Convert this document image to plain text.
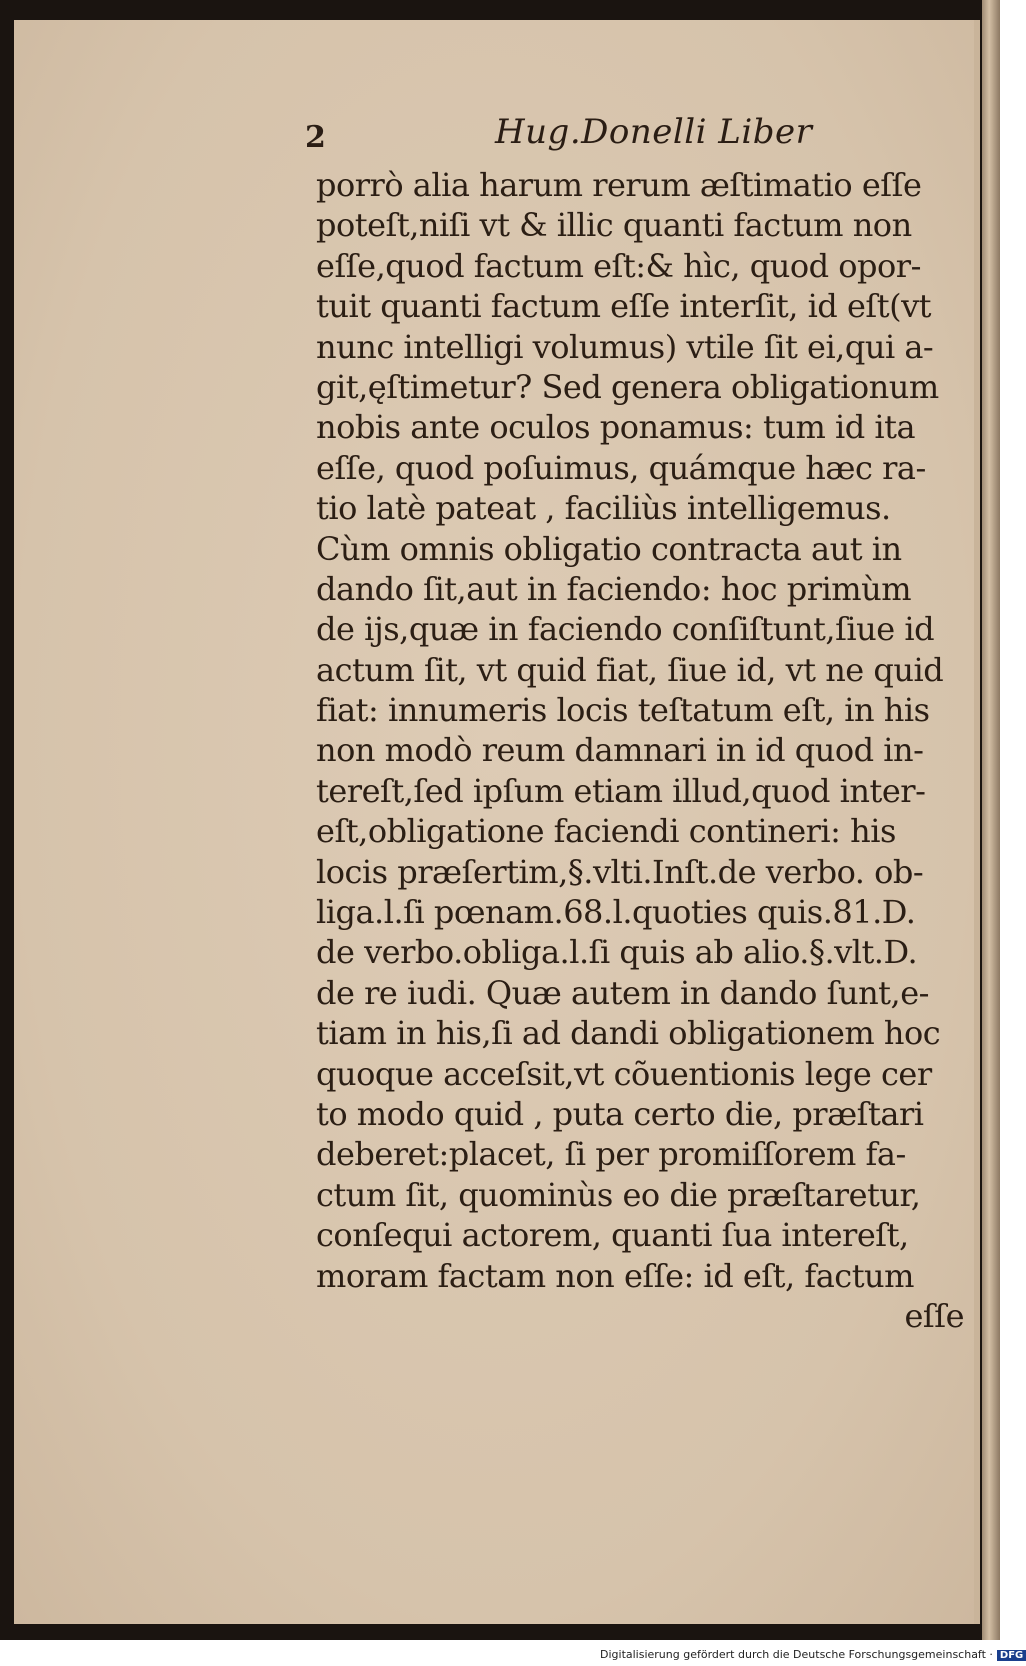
2	Hug.Donelli Liber
porrò alia harum rerum æſtimatio eſſe
poteſt,niſi vt & illic quanti factum non
eſſe,quod factum eſt:& hìc, quod opor-
tuit quanti factum eſſe interſit, id eſt(vt
nunc intelligi volumus) vtile ſit ei,qui a-
git,ęſtimetur? Sed genera obligationum
nobis ante oculos ponamus: tum id ita
eſſe, quod poſuimus, quámque hæc ra-
tio latè pateat , faciliùs intelligemus.
Cùm omnis obligatio contracta aut in
dando ſit,aut in faciendo: hoc primùm
de ijs,quæ in faciendo conſiſtunt,ſiue id
actum ſit, vt quid fiat, ſiue id, vt ne quid
fiat: innumeris locis teſtatum eſt, in his
non modò reum damnari in id quod in-
tereſt,ſed ipſum etiam illud,quod inter-
eſt,obligatione faciendi contineri: his
locis præſertim,§.vlti.Inſt.de verbo. ob-
liga.l.ſi pœnam.68.l.quoties quis.81.D.
de verbo.obliga.l.ſi quis ab alio.§.vlt.D.
de re iudi. Quæ autem in dando ſunt,e-
tiam in his,ſi ad dandi obligationem hoc
quoque acceſsit,vt cõuentionis lege cer
to modo quid , puta certo die, præſtari
deberet:placet, ſi per promiſſorem fa-
ctum ſit, quominùs eo die præſtaretur,
conſequi actorem, quanti ſua intereſt,
moram factam non eſſe: id eſt, factum
eſſe
Digitalisierung gefördert durch die Deutsche Forschungsgemeinschaft · DFG
